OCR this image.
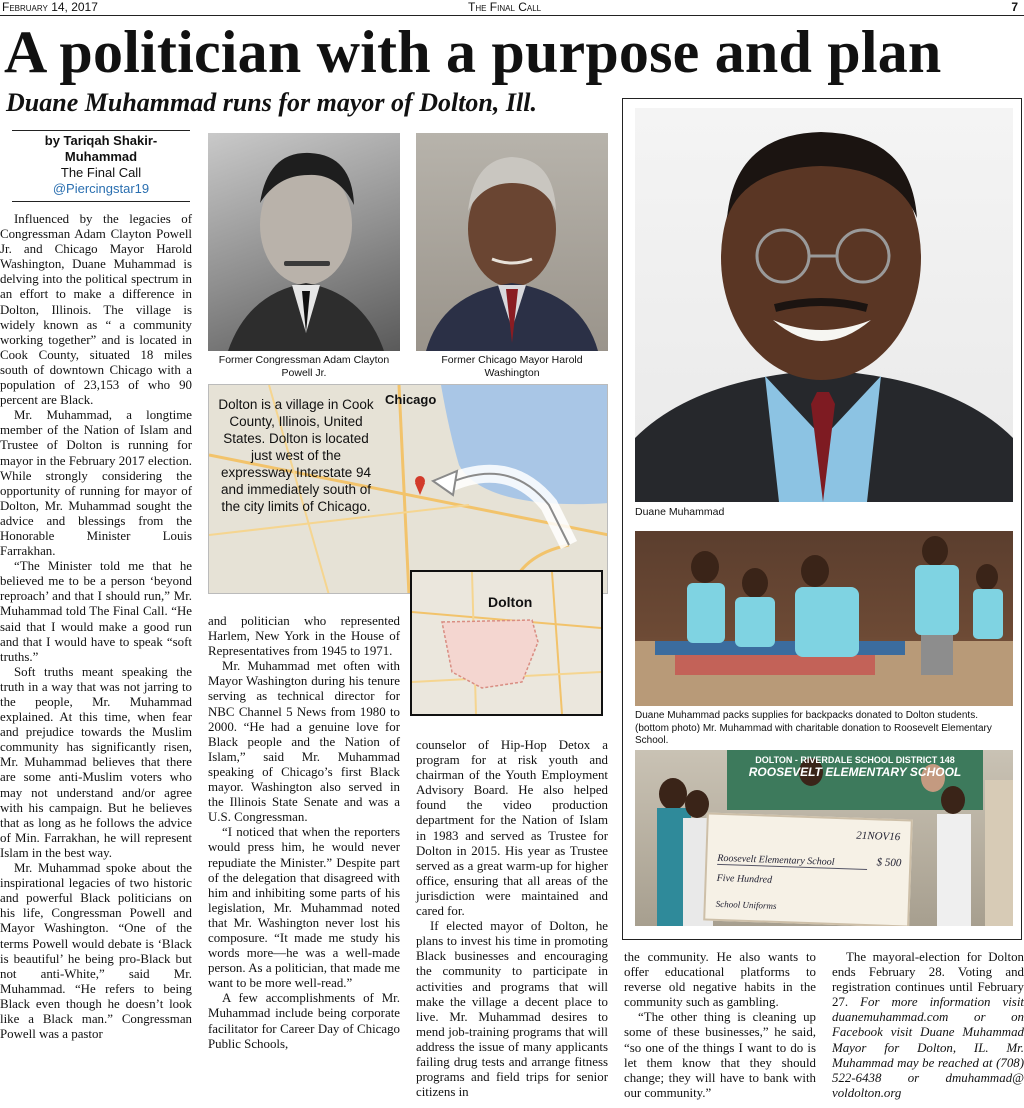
February 14, 2017	The Final Call	7
A politician with a purpose and plan
Duane Muhammad runs for mayor of Dolton, Ill.
by Tariqah Shakir-Muhammad
The Final Call
@Piercingstar19

Influenced by the legacies of Congressman Adam Clayton Powell Jr. and Chicago Mayor Harold Washington, Duane Muhammad is delving into the political spectrum in an effort to make a difference in Dolton, Illinois. The village is widely known as “ a community working together” and is located in Cook County, situated 18 miles south of downtown Chicago with a population of 23,153 of who 90 percent are Black.

Mr. Muhammad, a longtime member of the Nation of Islam and Trustee of Dolton is running for mayor in the February 2017 election. While strongly considering the opportunity of running for mayor of Dolton, Mr. Muhammad sought the advice and blessings from the Honorable Minister Louis Farrakhan.

“The Minister told me that he believed me to be a person ‘beyond reproach’ and that I should run,” Mr. Muhammad told The Final Call. “He said that I would make a good run and that I would have to speak “soft truths.”

Soft truths meant speaking the truth in a way that was not jarring to the people, Mr. Muhammad explained. At this time, when fear and prejudice towards the Muslim community has significantly risen, Mr. Muhammad believes that there are some anti-Muslim voters who may not understand and/or agree with his campaign. But he believes that as long as he follows the advice of Min. Farrakhan, he will represent Islam in the best way.

Mr. Muhammad spoke about the inspirational legacies of two historic and powerful Black politicians on his life, Congressman Powell and Mayor Washington. “One of the terms Powell would debate is ‘Black is beautiful’ he being pro-Black but not anti-White,” said Mr. Muhammad. “He refers to being Black even though he doesn’t look like a Black man.” Congressman Powell was a pastor

Former Congressman Adam Clayton Powell Jr.
Former Chicago Mayor Harold Washington
Dolton is a village in Cook County, Illinois, United States. Dolton is located just west of the expressway Interstate 94 and immediately south of the city limits of Chicago.
Chicago
Dolton

and politician who represented Harlem, New York in the House of Representatives from 1945 to 1971.

Mr. Muhammad met often with Mayor Washington during his tenure serving as technical director for NBC Channel 5 News from 1980 to 2000. “He had a genuine love for Black people and the Nation of Islam,” said Mr. Muhammad speaking of Chicago’s first Black mayor. Washington also served in the Illinois State Senate and was a U.S. Congressman.

“I noticed that when the reporters would press him, he would never repudiate the Minister.” Despite part of the delegation that disagreed with him and inhibiting some parts of his legislation, Mr. Muhammad noted that Mr. Washington never lost his composure. “It made me study his words more—he was a well-made person. As a politician, that made me want to be more well-read.”

A few accomplishments of Mr. Muhammad include being corporate facilitator for Career Day of Chicago Public Schools,

counselor of Hip-Hop Detox a program for at risk youth and chairman of the Youth Employment Advisory Board. He also helped found the video production department for the Nation of Islam in 1983 and served as Trustee for Dolton in 2015. His year as Trustee served as a great warm-up for higher office, ensuring that all areas of the jurisdiction were maintained and cared for.

If elected mayor of Dolton, he plans to invest his time in promoting Black businesses and encouraging the community to participate in activities and programs that will make the village a decent place to live. Mr. Muhammad desires to mend job-training programs that will address the issue of many applicants failing drug tests and arrange fitness programs and field trips for senior citizens in

Duane Muhammad
Duane Muhammad packs supplies for backpacks donated to Dolton students. (bottom photo) Mr. Muhammad with charitable donation to Roosevelt Elementary School.
DOLTON - RIVERDALE SCHOOL DISTRICT 148
ROOSEVELT ELEMENTARY SCHOOL
21NOV16
Roosevelt Elementary School	$ 500
Five Hundred
School Uniforms

the community. He also wants to offer educational platforms to reverse old negative habits in the community such as gambling.

“The other thing is cleaning up some of these businesses,” he said, “so one of the things I want to do is let them know that they should change; they will have to bank with our community.”

The mayoral-election for Dolton ends February 28. Voting and registration continues until February 27. For more information visit duanemuhammad.com or on Facebook visit Duane Muhammad Mayor for Dolton, IL. Mr. Muhammad may be reached at (708) 522-6438 or dmuhammad@ voldolton.org
